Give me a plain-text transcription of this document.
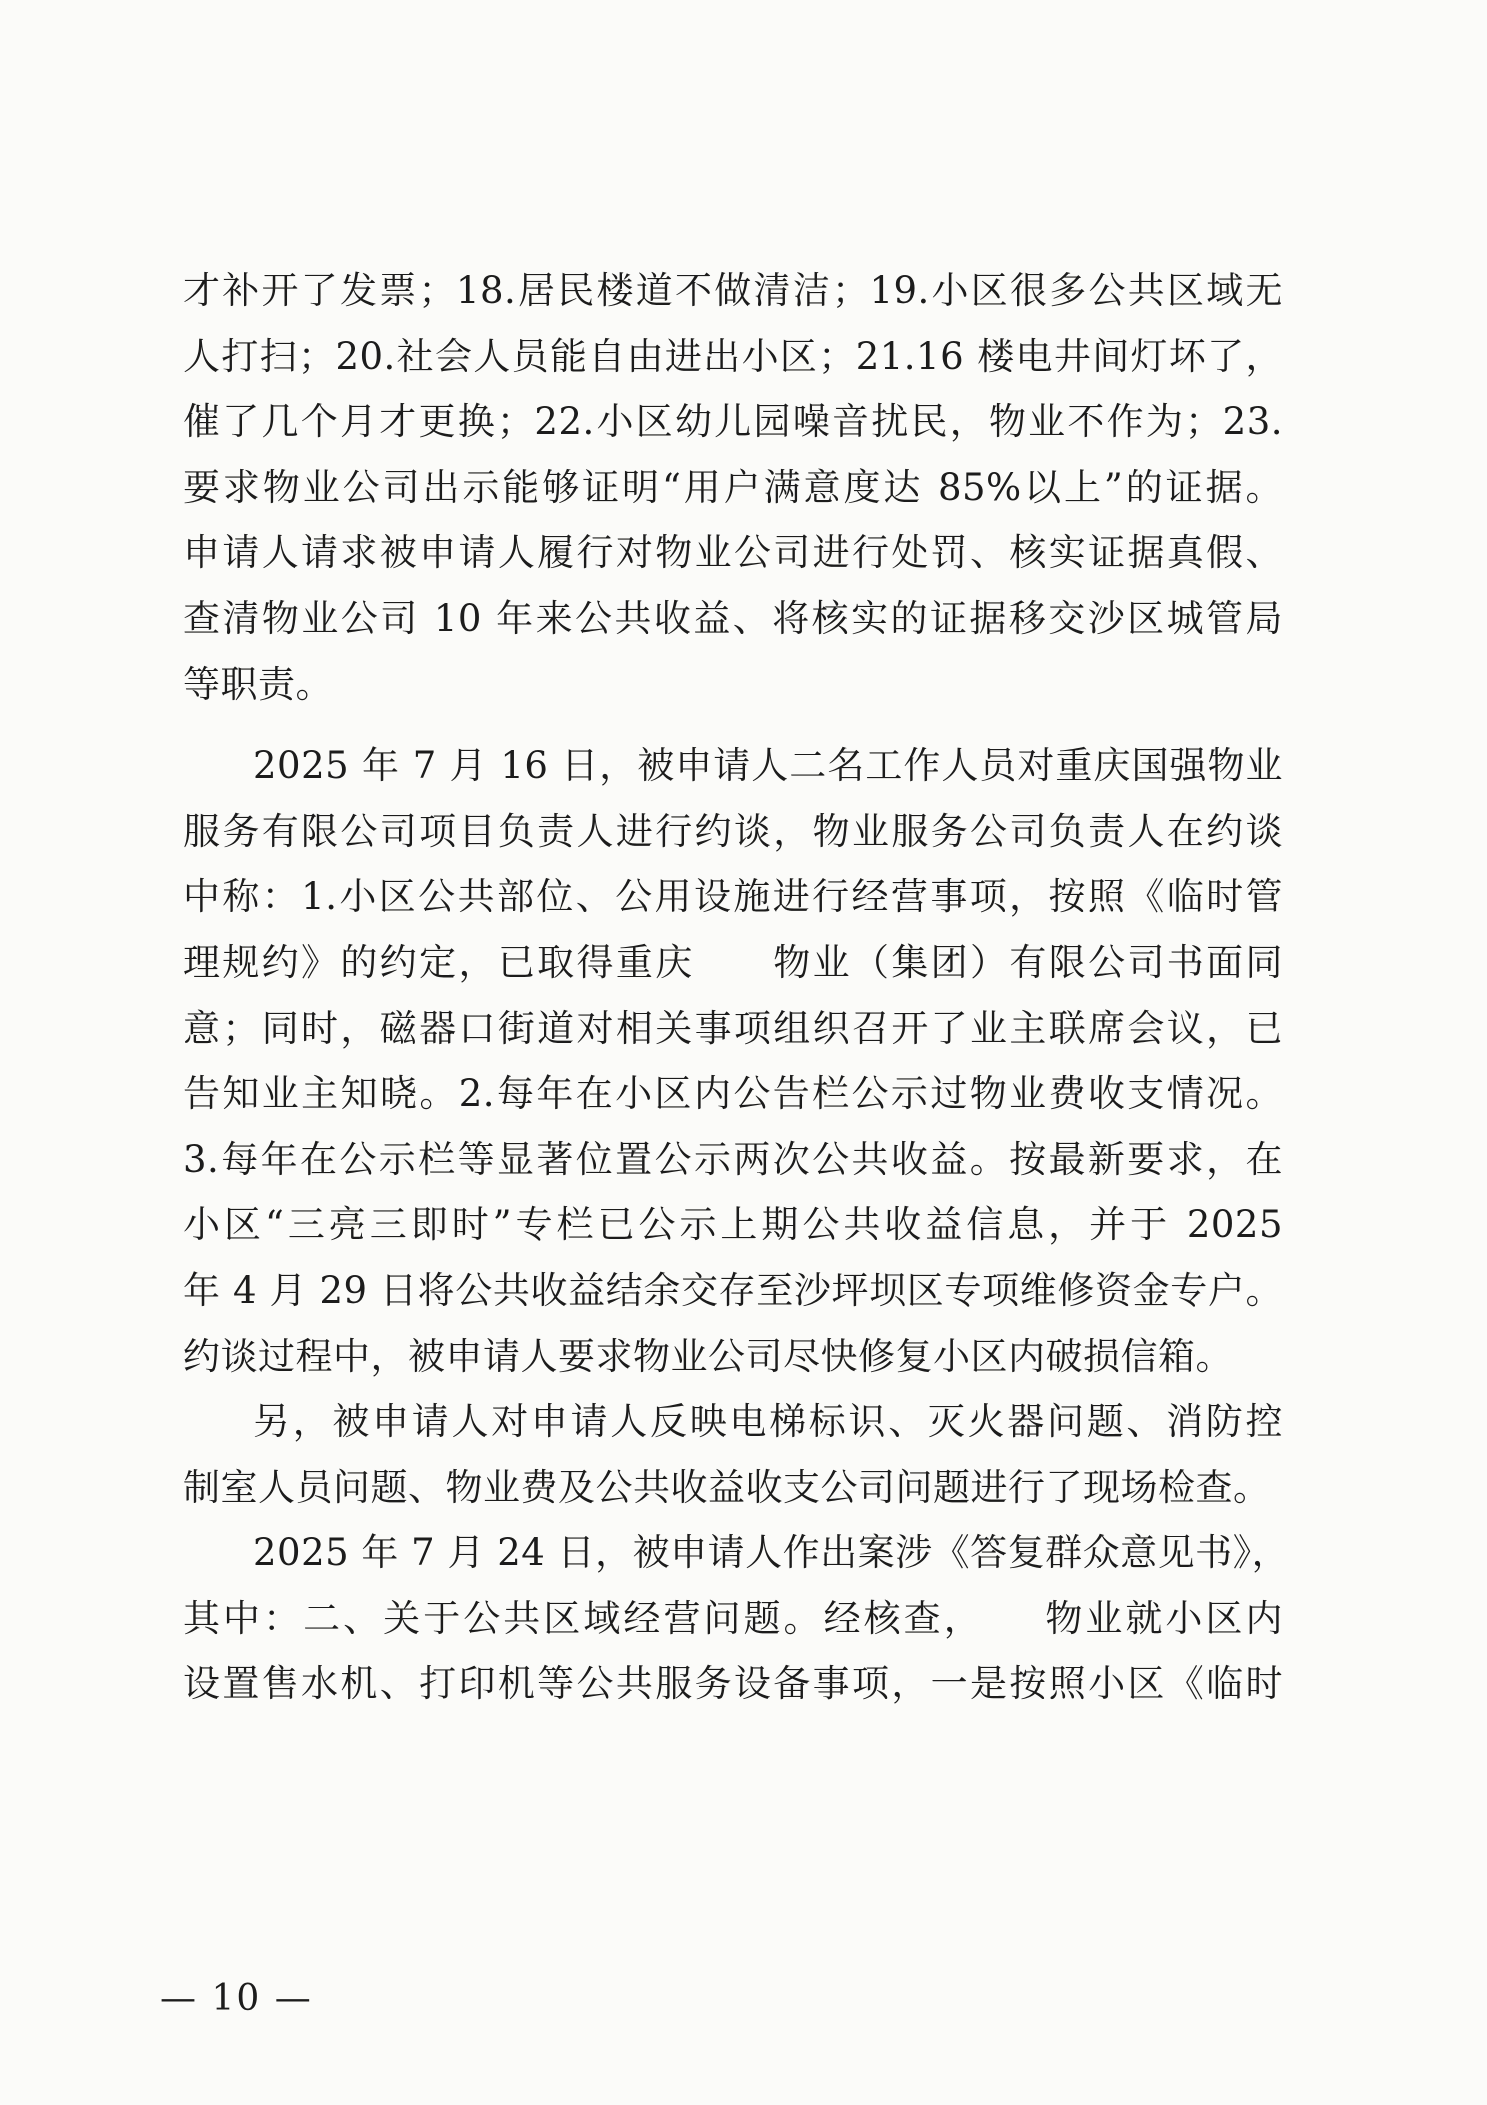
才补开了发票；18.居民楼道不做清洁；19.小区很多公共区域无
人打扫；20.社会人员能自由进出小区；21.16 楼电井间灯坏了，
催了几个月才更换；22.小区幼儿园噪音扰民，物业不作为；23.
要求物业公司出示能够证明“用户满意度达 85%以上”的证据。
申请人请求被申请人履行对物业公司进行处罚、核实证据真假、
查清物业公司 10 年来公共收益、将核实的证据移交沙区城管局
等职责。
2025 年 7 月 16 日，被申请人二名工作人员对重庆国强物业
服务有限公司项目负责人进行约谈，物业服务公司负责人在约谈
中称：1.小区公共部位、公用设施进行经营事项，按照《临时管
理规约》的约定，已取得重庆　　物业（集团）有限公司书面同
意；同时，磁器口街道对相关事项组织召开了业主联席会议，已
告知业主知晓。2.每年在小区内公告栏公示过物业费收支情况。
3.每年在公示栏等显著位置公示两次公共收益。按最新要求，在
小区“三亮三即时”专栏已公示上期公共收益信息，并于 2025
年 4 月 29 日将公共收益结余交存至沙坪坝区专项维修资金专户。
约谈过程中，被申请人要求物业公司尽快修复小区内破损信箱。
另，被申请人对申请人反映电梯标识、灭火器问题、消防控
制室人员问题、物业费及公共收益收支公司问题进行了现场检查。
2025 年 7 月 24 日，被申请人作出案涉《答复群众意见书》，
其中：二、关于公共区域经营问题。经核查，　　物业就小区内
设置售水机、打印机等公共服务设备事项，一是按照小区《临时
— 10 —
